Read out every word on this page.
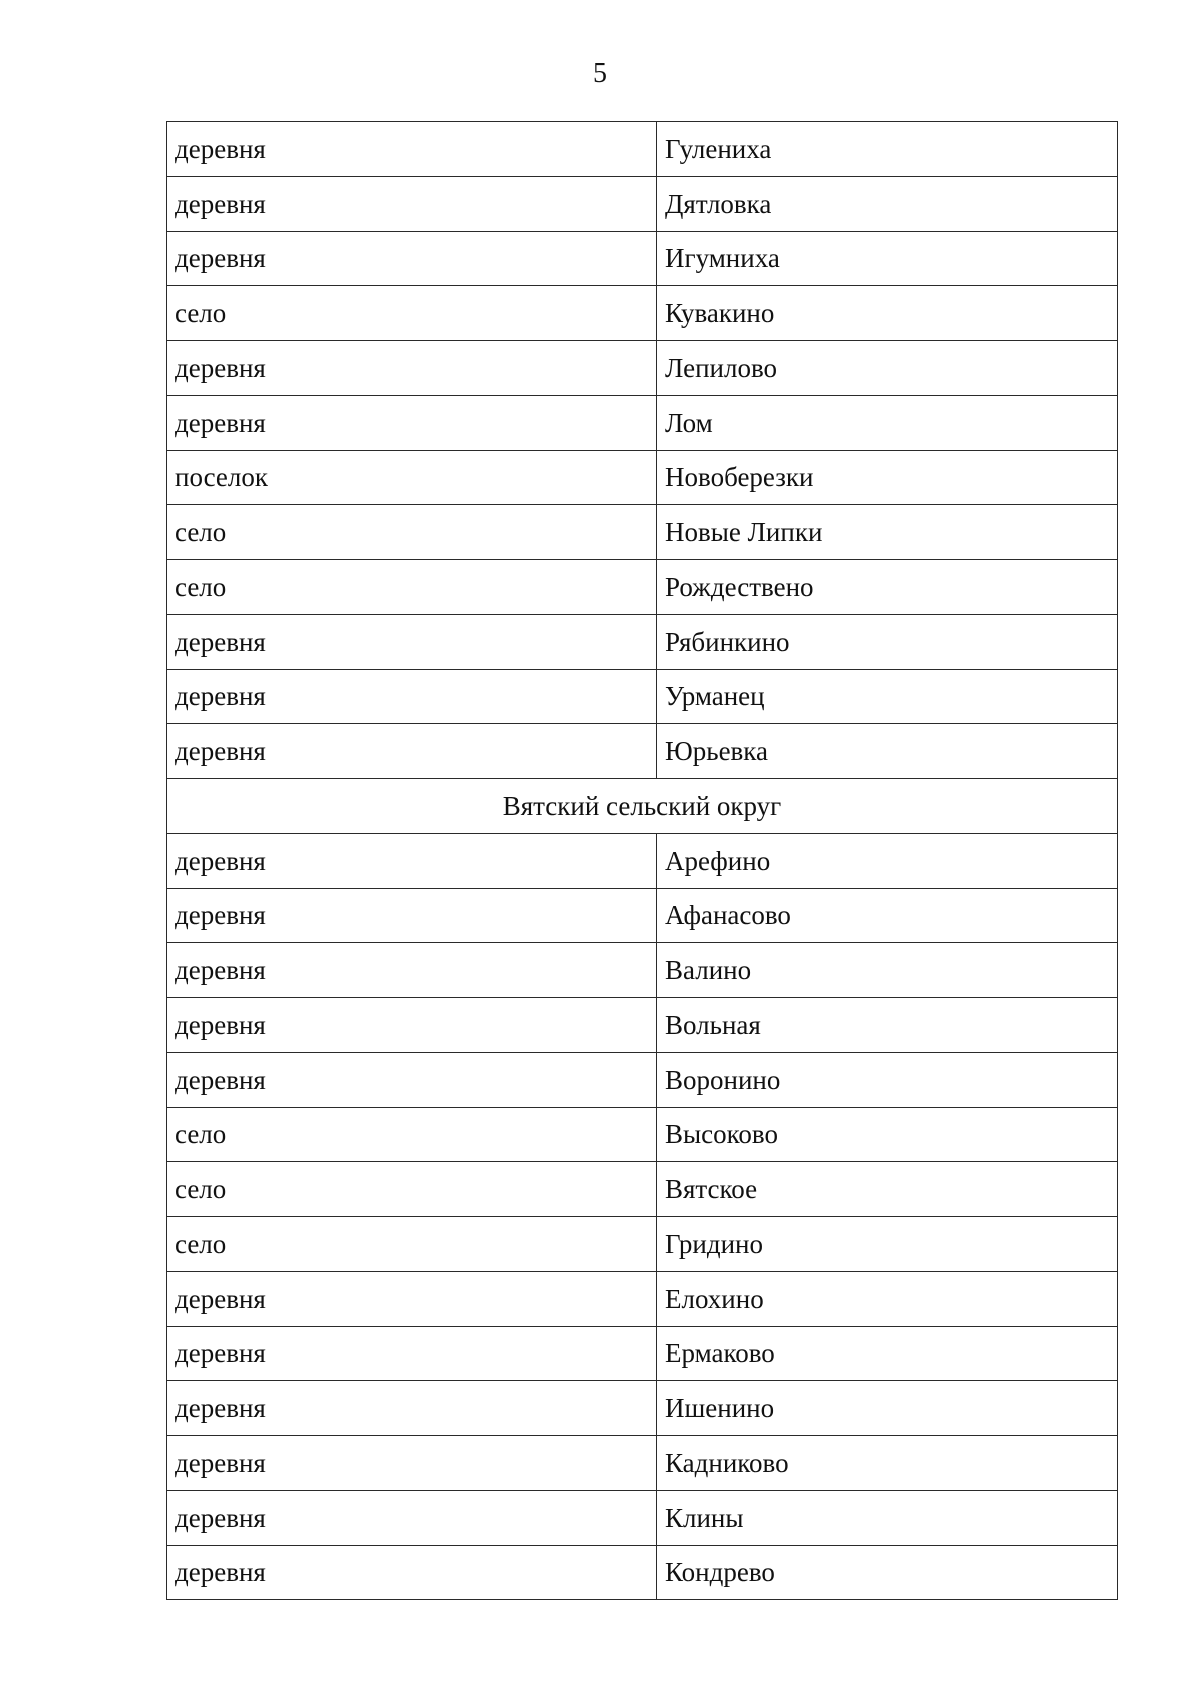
5
деревня	Гулениха
деревня	Дятловка
деревня	Игумниха
село	Кувакино
деревня	Лепилово
деревня	Лом
поселок	Новоберезки
село	Новые Липки
село	Рождествено
деревня	Рябинкино
деревня	Урманец
деревня	Юрьевка
Вятский сельский округ	
деревня	Арефино
деревня	Афанасово
деревня	Валино
деревня	Вольная
деревня	Воронино
село	Высоково
село	Вятское
село	Гридино
деревня	Елохино
деревня	Ермаково
деревня	Ишенино
деревня	Кадниково
деревня	Клины
деревня	Кондрево
